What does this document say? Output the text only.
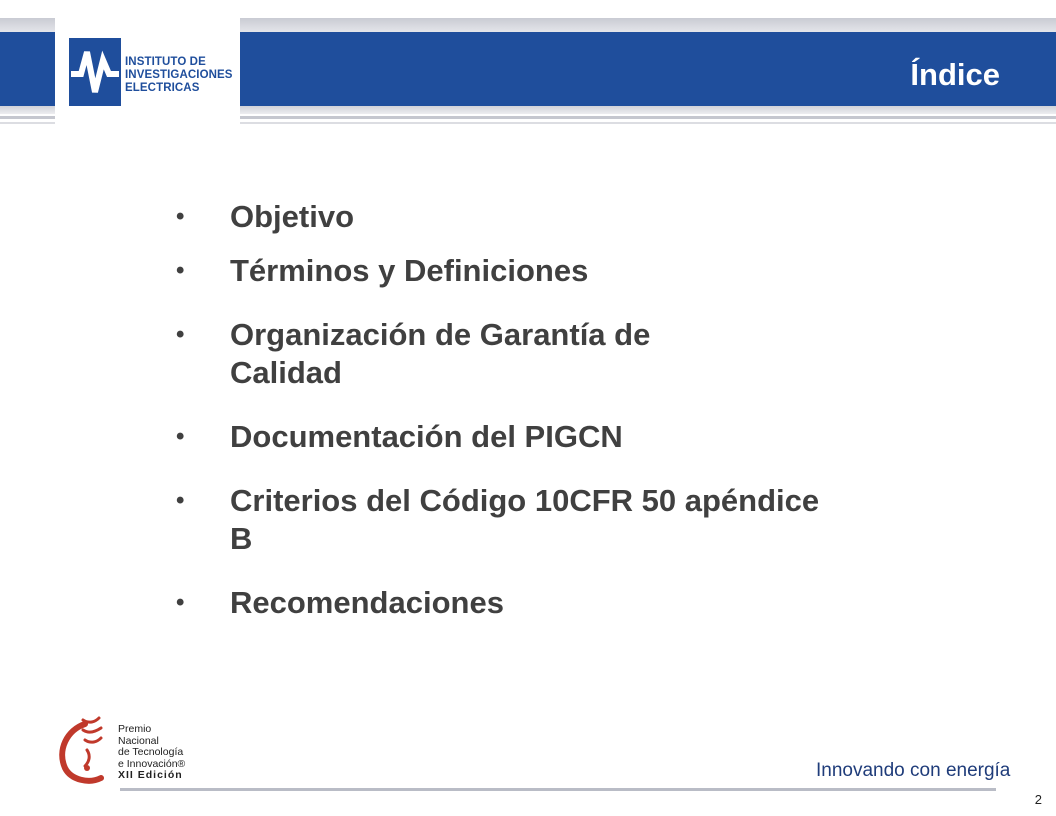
INSTITUTO DE
INVESTIGACIONES
ELECTRICAS	Índice
• Objetivo
• Términos y Definiciones
• Organización de Garantía de Calidad
• Documentación del PIGCN
• Criterios del Código 10CFR 50 apéndice B
• Recomendaciones
Premio
Nacional
de Tecnología
e Innovación®
XII Edición	Innovando con energía
2
